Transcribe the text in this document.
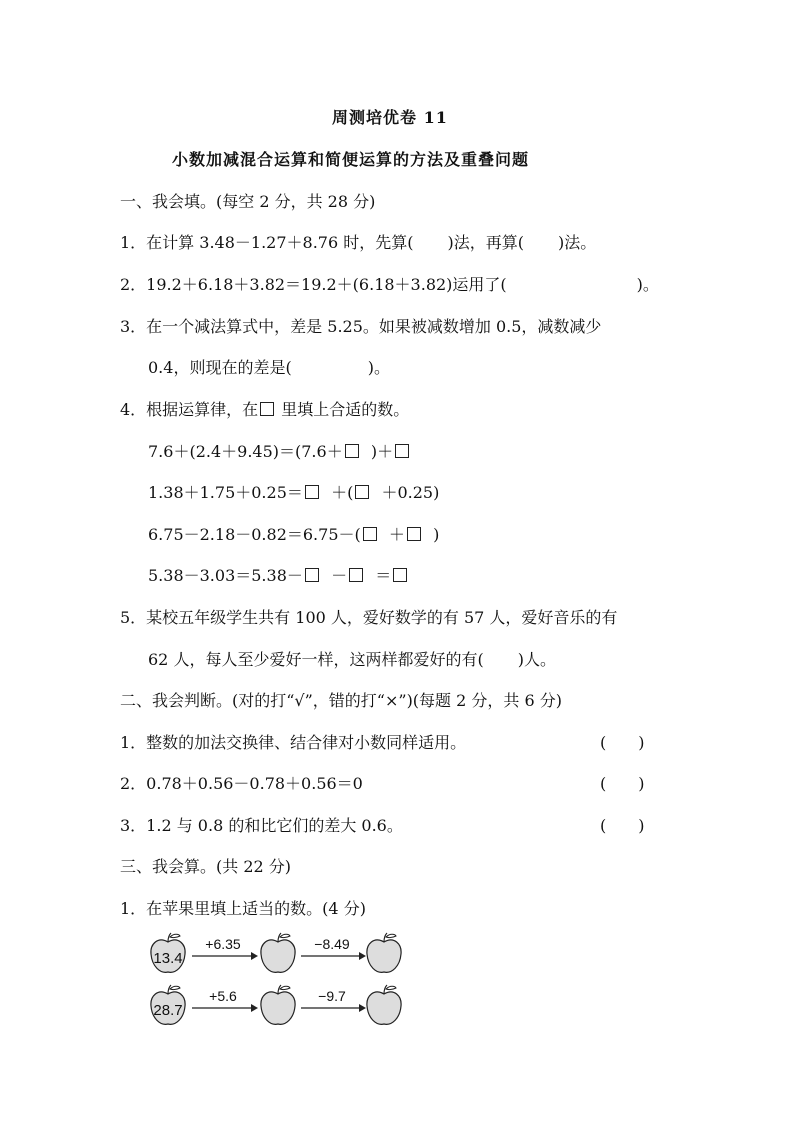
周测培优卷 11
小数加减混合运算和简便运算的方法及重叠问题
一、我会填。(每空 2 分，共 28 分)
1．在计算 3.48－1.27＋8.76 时，先算( )法，再算( )法。
2．19.2＋6.18＋3.82＝19.2＋(6.18＋3.82)运用了(	)。
3．在一个减法算式中，差是 5.25。如果被减数增加 0.5，减数减少
0.4，则现在的差是(	)。
4．根据运算律，在 里填上合适的数。
7.6＋(2.4＋9.45)＝(7.6＋ )＋
1.38＋1.75＋0.25＝ ＋( ＋0.25)
6.75－2.18－0.82＝6.75－( ＋ )
5.38－3.03＝5.38－ － ＝
5．某校五年级学生共有 100 人，爱好数学的有 57 人，爱好音乐的有
62 人，每人至少爱好一样，这两样都爱好的有( )人。
二、我会判断。(对的打“√”，错的打“×”)(每题 2 分，共 6 分)
1．整数的加法交换律、结合律对小数同样适用。	(　　)
2．0.78＋0.56－0.78＋0.56＝0	(　　)
3．1.2 与 0.8 的和比它们的差大 0.6。	(　　)
三、我会算。(共 22 分)
1．在苹果里填上适当的数。(4 分)
13.4
+6.35	−8.49
28.7
+5.6	−9.7
